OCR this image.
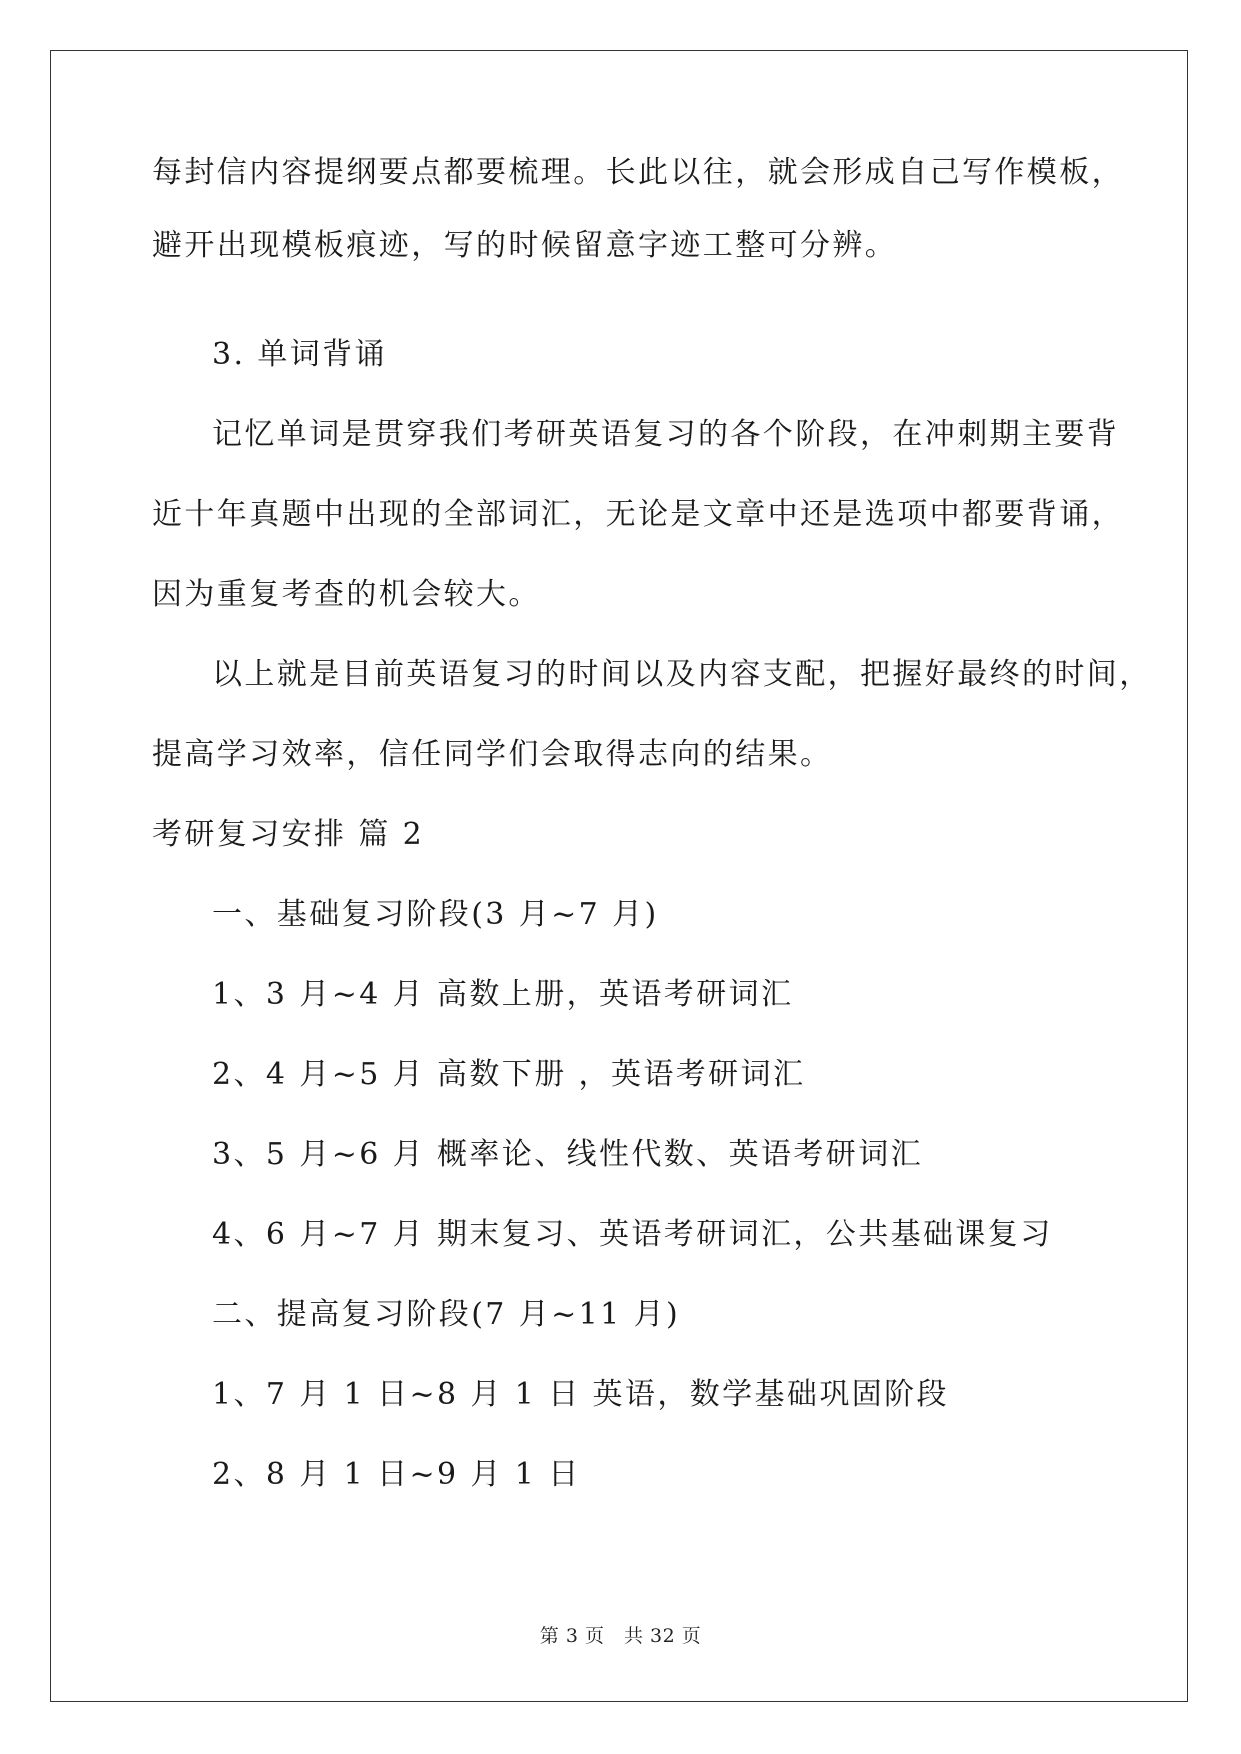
每封信内容提纲要点都要梳理。长此以往，就会形成自己写作模板，
避开出现模板痕迹，写的时候留意字迹工整可分辨。
3. 单词背诵
记忆单词是贯穿我们考研英语复习的各个阶段，在冲刺期主要背
近十年真题中出现的全部词汇，无论是文章中还是选项中都要背诵，
因为重复考查的机会较大。
以上就是目前英语复习的时间以及内容支配，把握好最终的时间，
提高学习效率，信任同学们会取得志向的结果。
考研复习安排 篇 2
一、基础复习阶段(3 月~7 月)
1、3 月~4 月 高数上册，英语考研词汇
2、4 月~5 月 高数下册 ，英语考研词汇
3、5 月~6 月 概率论、线性代数、英语考研词汇
4、6 月~7 月 期末复习、英语考研词汇，公共基础课复习
二、提高复习阶段(7 月~11 月)
1、7 月 1 日~8 月 1 日 英语，数学基础巩固阶段
2、8 月 1 日~9 月 1 日
第 3 页　共 32 页
